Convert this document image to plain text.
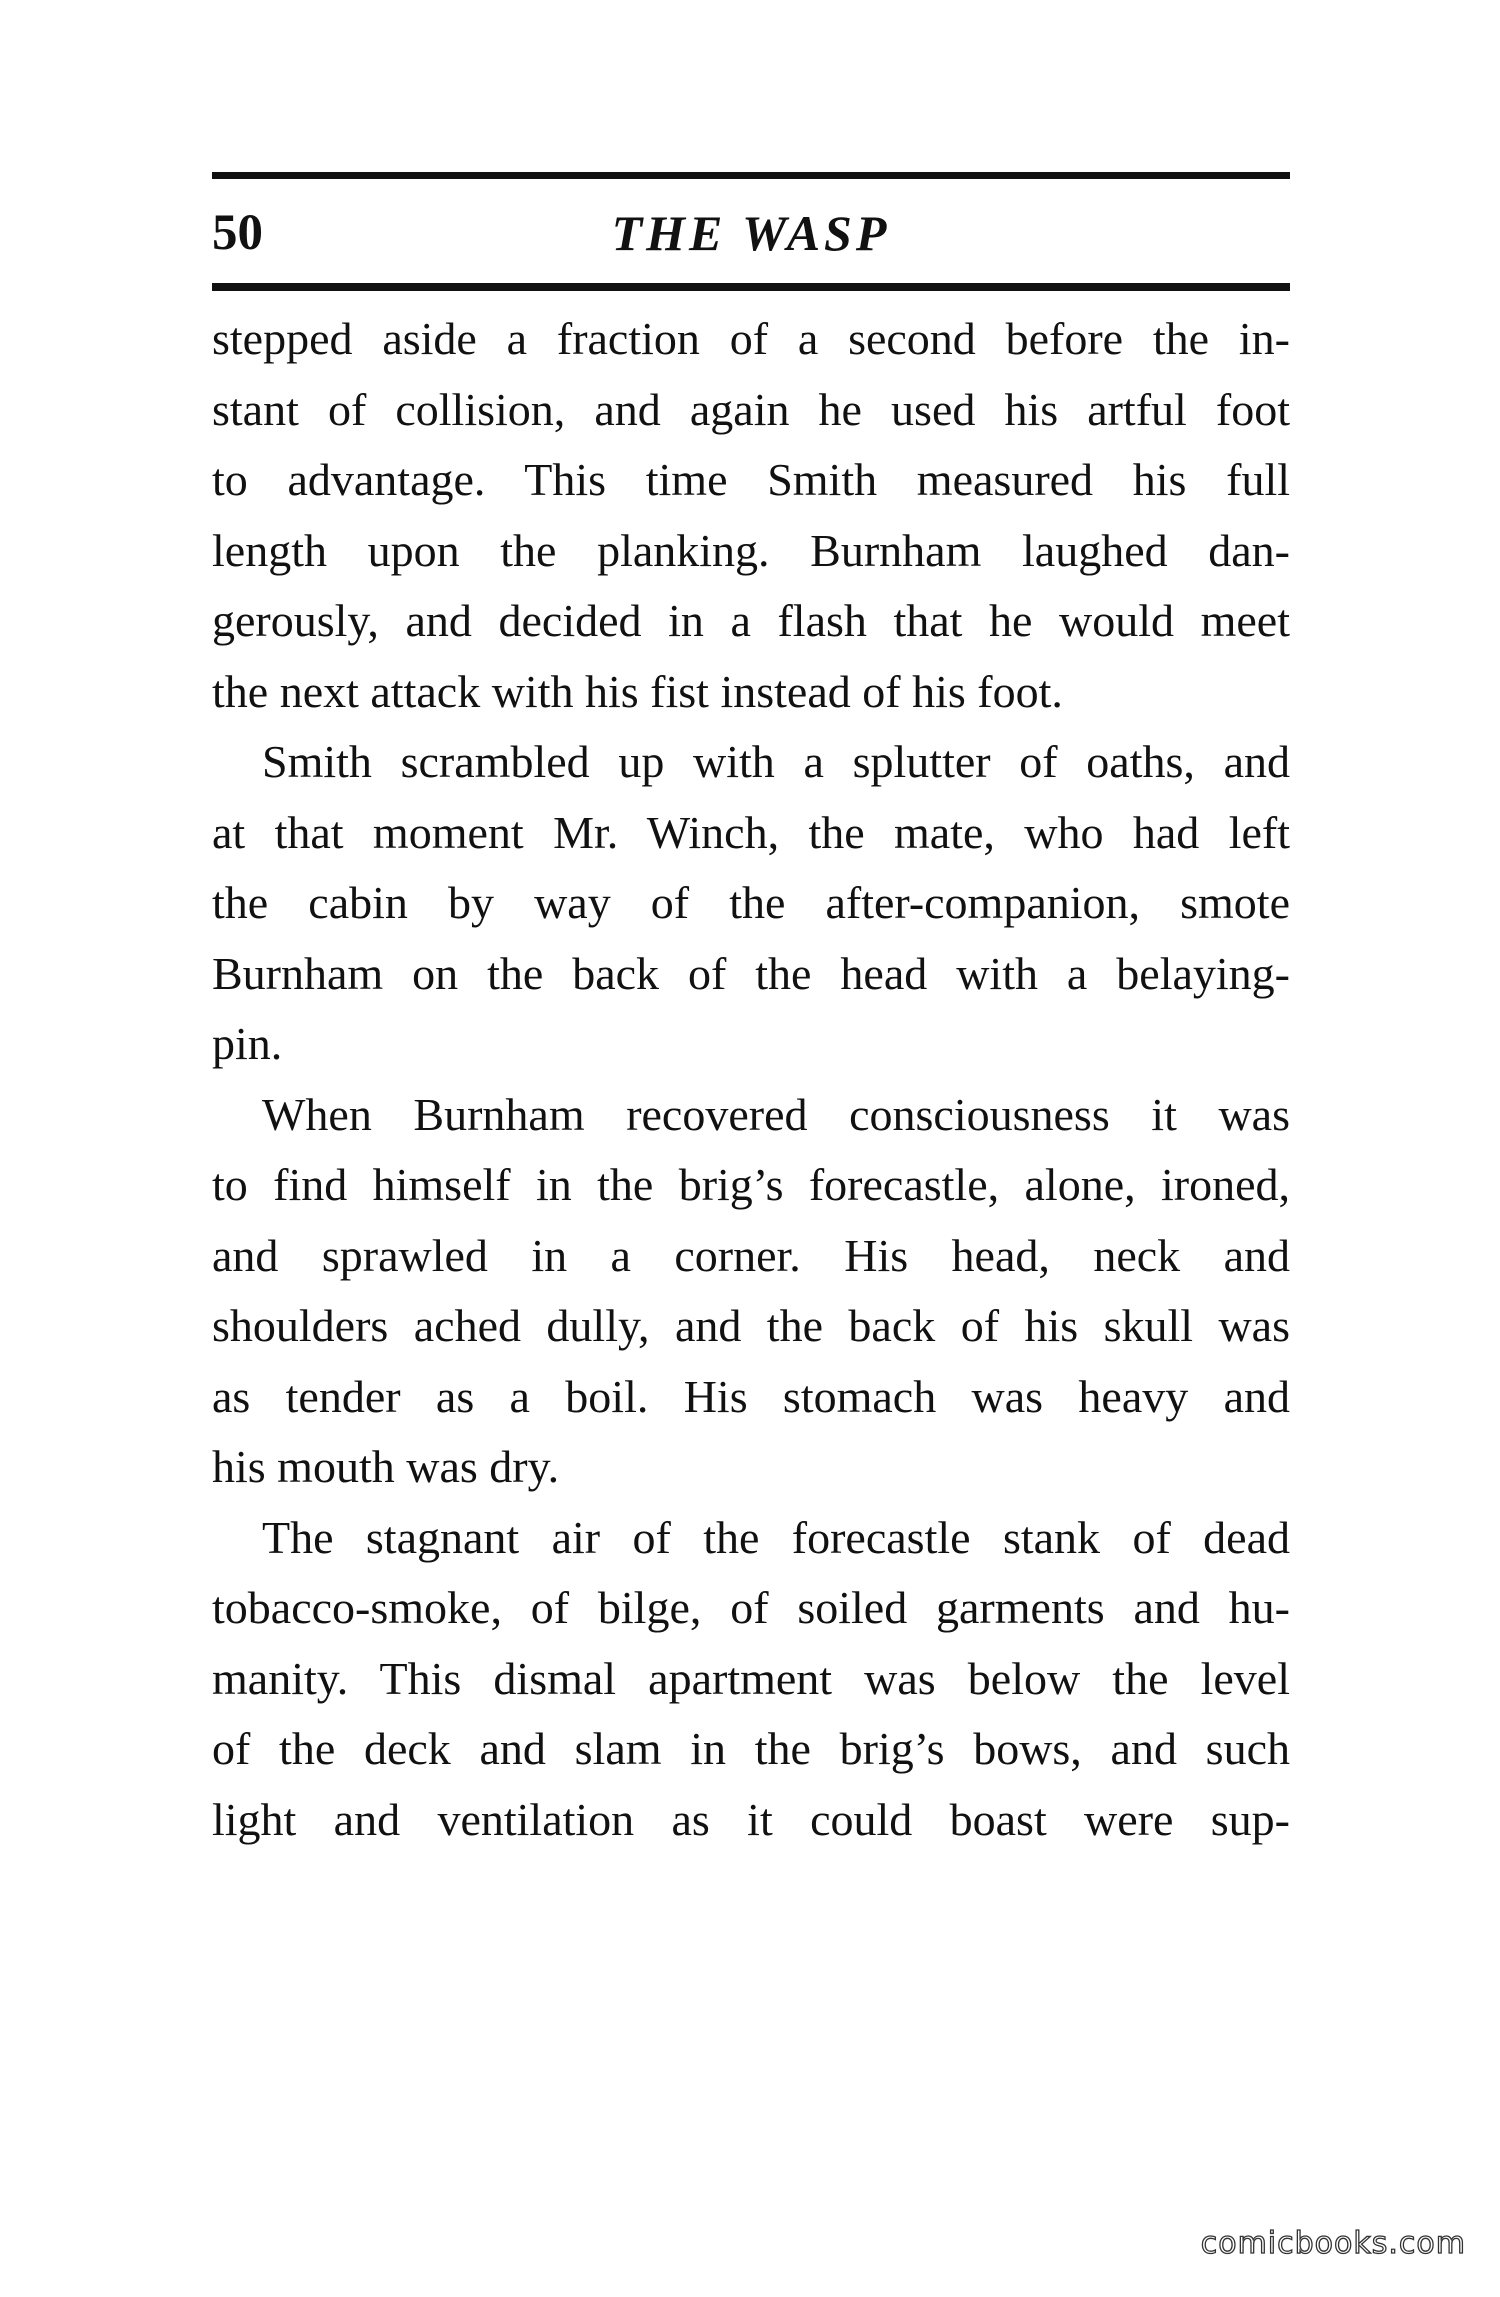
50	THE WASP
stepped aside a fraction of a second before the in-
stant of collision, and again he used his artful foot
to advantage. This time Smith measured his full
length upon the planking. Burnham laughed dan-
gerously, and decided in a flash that he would meet
the next attack with his fist instead of his foot.
Smith scrambled up with a splutter of oaths, and
at that moment Mr. Winch, the mate, who had left
the cabin by way of the after-companion, smote
Burnham on the back of the head with a belaying-
pin.
When Burnham recovered consciousness it was
to find himself in the brig’s forecastle, alone, ironed,
and sprawled in a corner. His head, neck and
shoulders ached dully, and the back of his skull was
as tender as a boil. His stomach was heavy and
his mouth was dry.
The stagnant air of the forecastle stank of dead
tobacco-smoke, of bilge, of soiled garments and hu-
manity. This dismal apartment was below the level
of the deck and slam in the brig’s bows, and such
light and ventilation as it could boast were sup-
comicbooks.com
